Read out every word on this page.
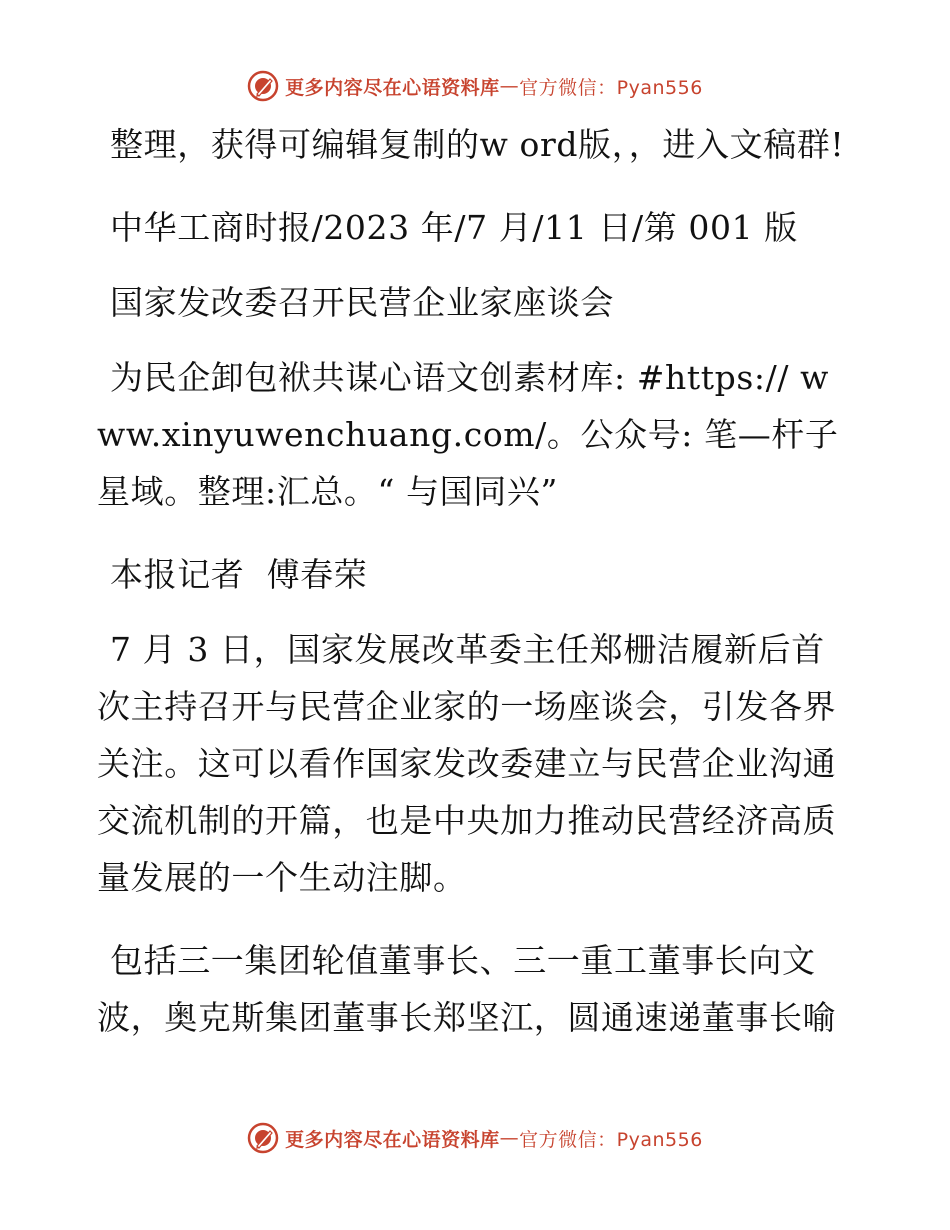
更多内容尽在心语资料库 — 官方微信：Pyan556

整理，获得可编辑复制的w ord版，，进入文稿群!

中华工商时报/2023 年/7 月/11 日/第 001 版

国家发改委召开民营企业家座谈会

为民企卸包袱共谋心语文创素材库: #https:// www.xinyuwenchuang.com/。公众号: 笔—杆子星域。整理:汇总。“ 与国同兴”

本报记者  傅春荣

7 月 3 日，国家发展改革委主任郑栅洁履新后首次主持召开与民营企业家的一场座谈会，引发各界关注。这可以看作国家发改委建立与民营企业沟通交流机制的开篇，也是中央加力推动民营经济高质量发展的一个生动注脚。

包括三一集团轮值董事长、三一重工董事长向文波，奥克斯集团董事长郑坚江，圆通速递董事长喻

更多内容尽在心语资料库 — 官方微信：Pyan556
